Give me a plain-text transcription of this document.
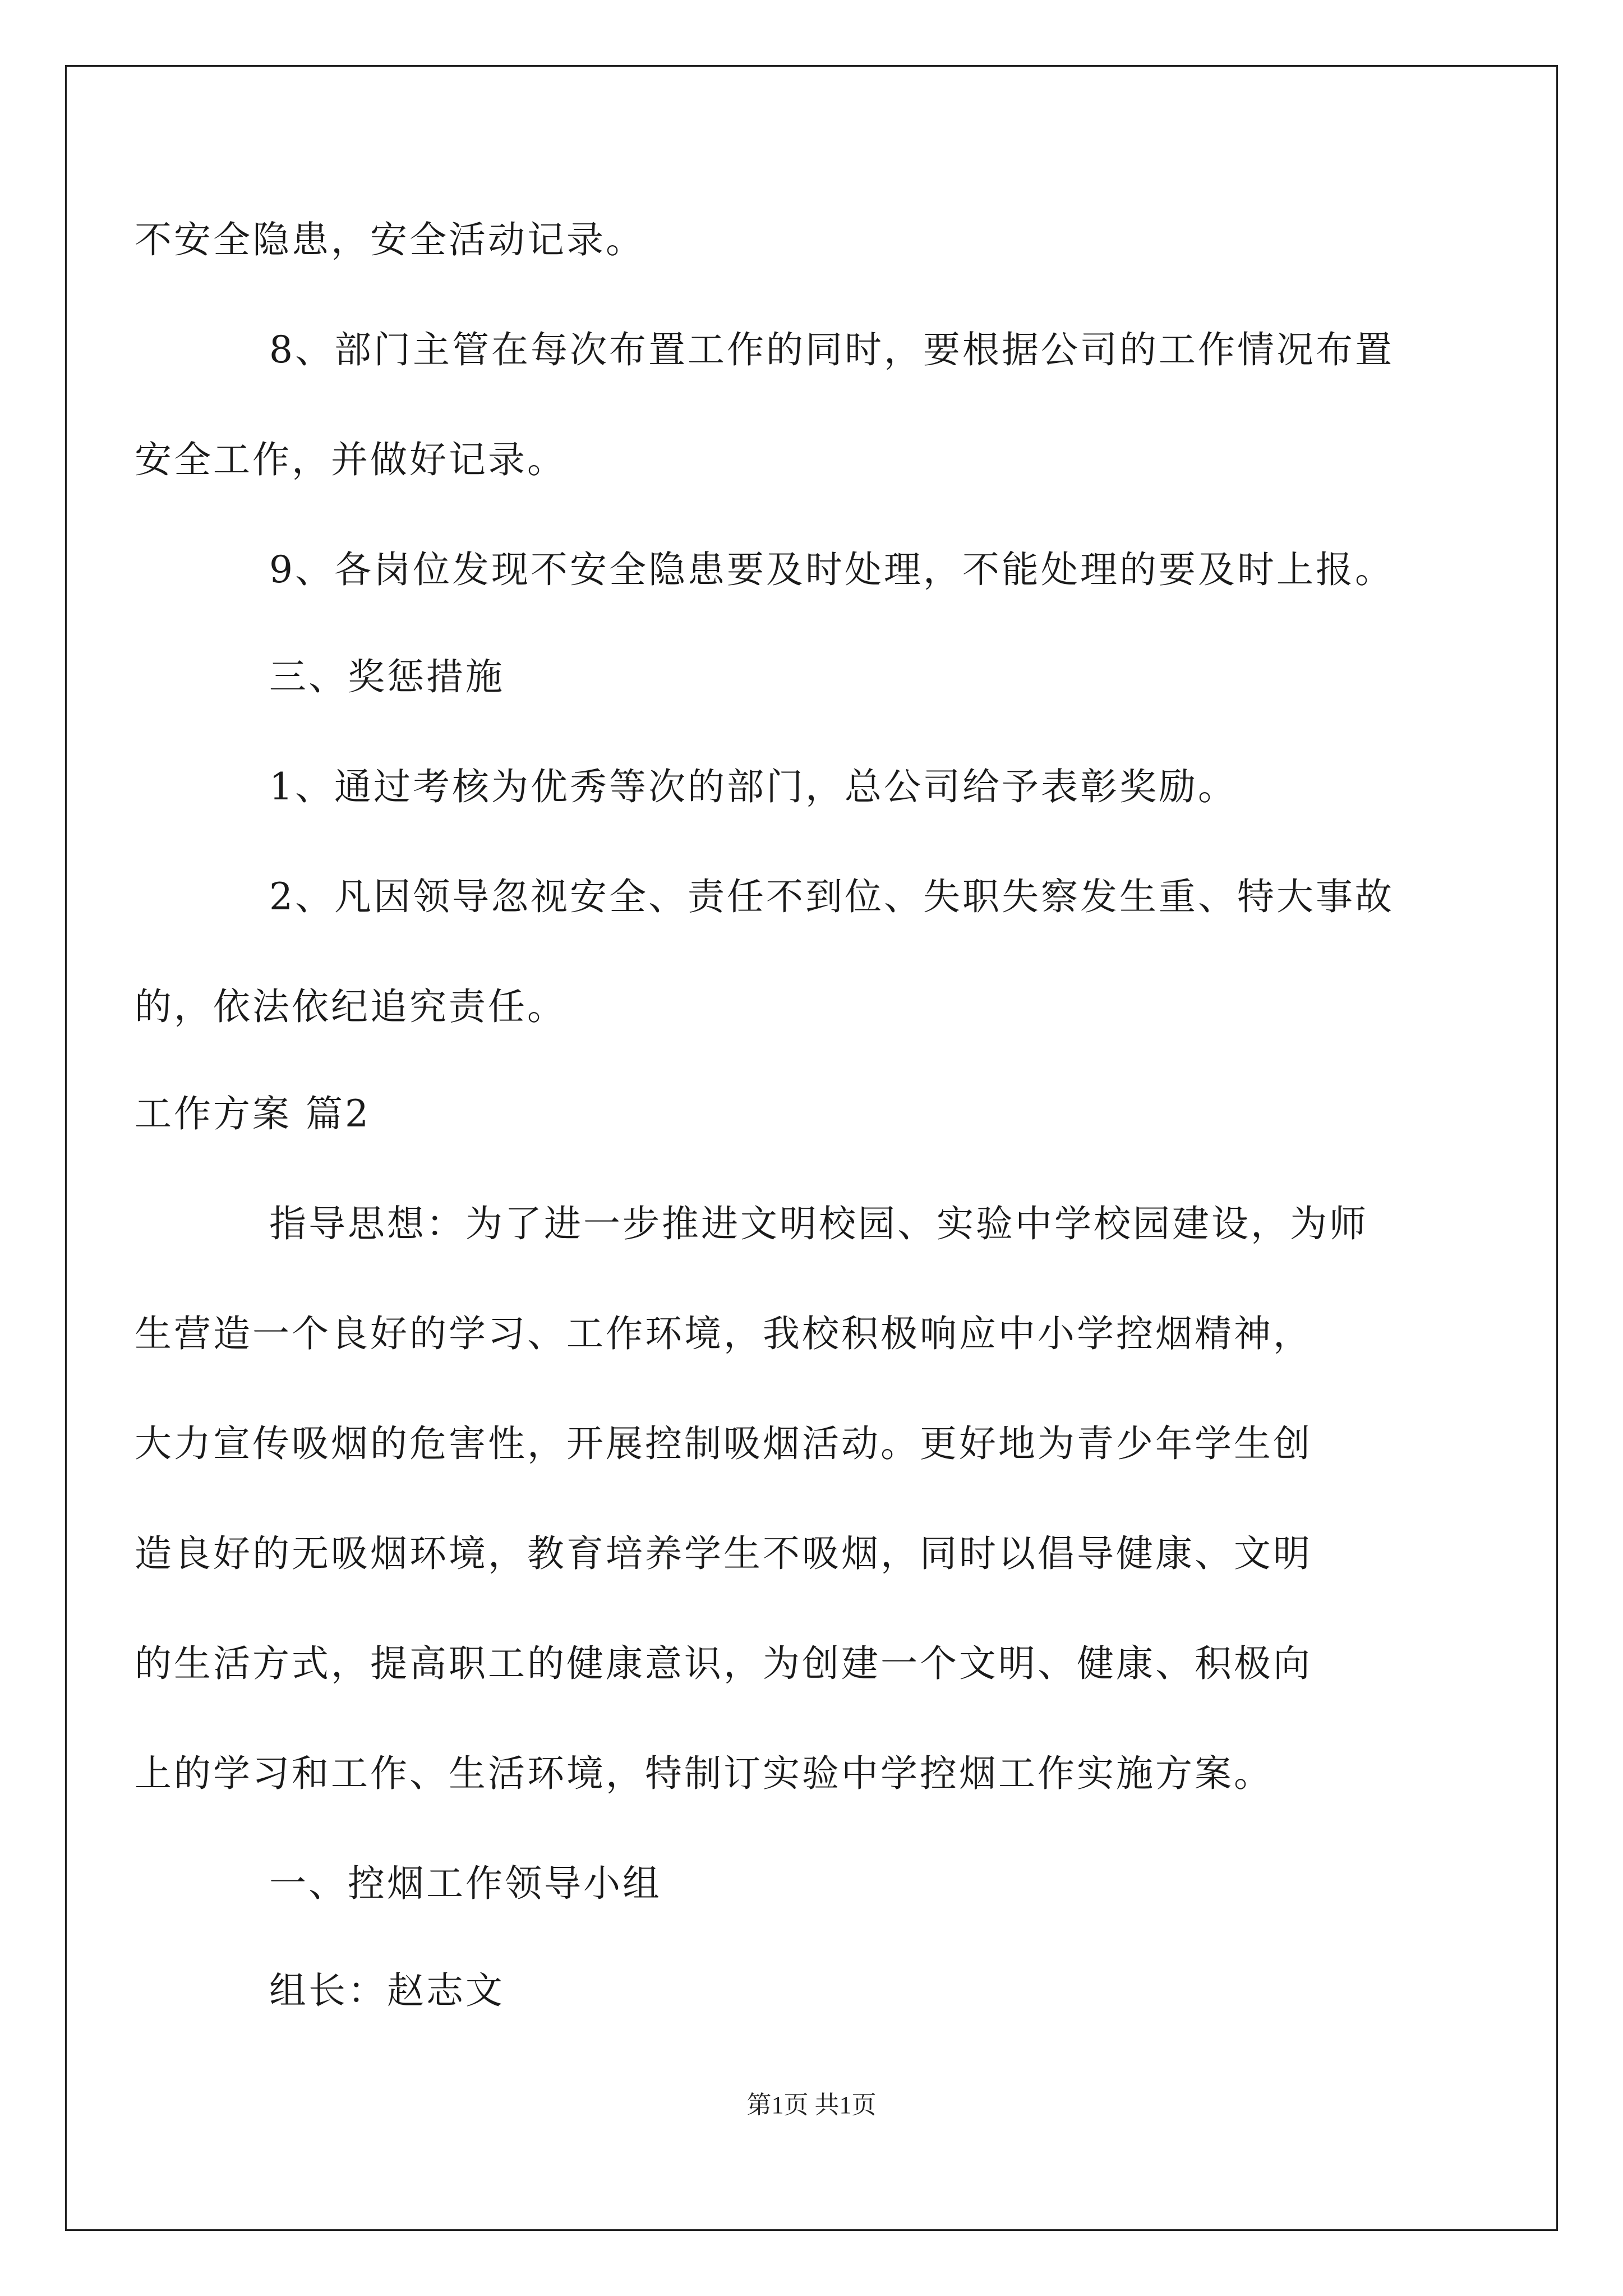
不安全隐患，安全活动记录。
8、部门主管在每次布置工作的同时，要根据公司的工作情况布置
安全工作，并做好记录。
9、各岗位发现不安全隐患要及时处理，不能处理的要及时上报。
三、奖惩措施
1、通过考核为优秀等次的部门，总公司给予表彰奖励。
2、凡因领导忽视安全、责任不到位、失职失察发生重、特大事故
的，依法依纪追究责任。
工作方案 篇2
指导思想：为了进一步推进文明校园、实验中学校园建设，为师
生营造一个良好的学习、工作环境，我校积极响应中小学控烟精神，
大力宣传吸烟的危害性，开展控制吸烟活动。更好地为青少年学生创
造良好的无吸烟环境，教育培养学生不吸烟，同时以倡导健康、文明
的生活方式，提高职工的健康意识，为创建一个文明、健康、积极向
上的学习和工作、生活环境，特制订实验中学控烟工作实施方案。
一、控烟工作领导小组
组长：赵志文
第1页 共1页
